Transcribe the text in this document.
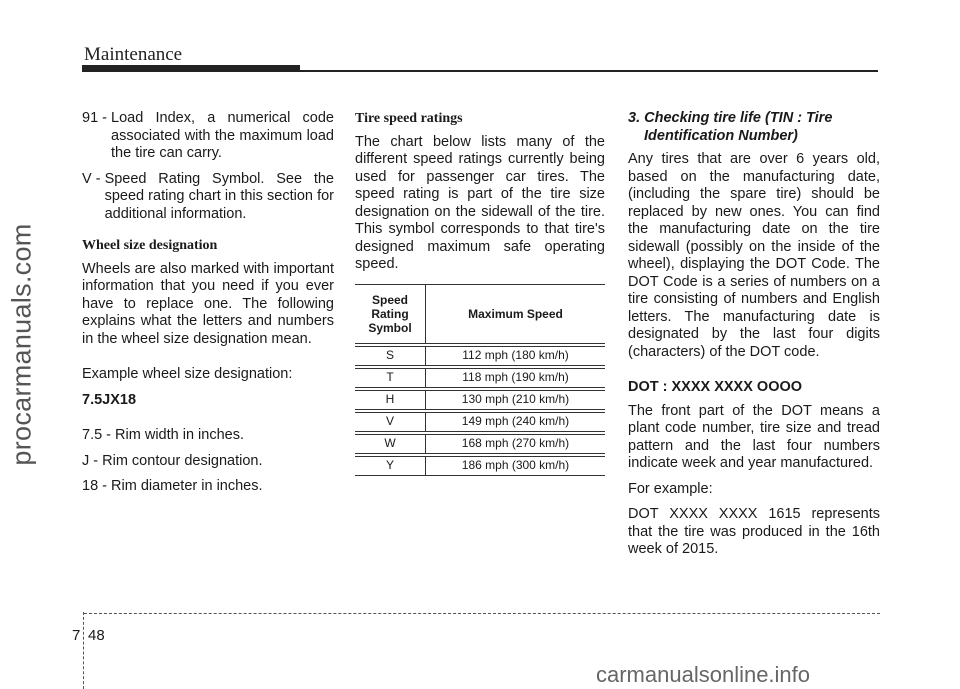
procarmanuals.com
Maintenance
91 - Load Index, a numerical code associated with the maximum load the tire can carry.
V - Speed Rating Symbol. See the speed rating chart in this section for additional information.
Wheel size designation

Wheels are also marked with important information that you need if you ever have to replace one. The following explains what the letters and numbers in the wheel size designation mean.

Example wheel size designation:

7.5JX18

7.5 - Rim width in inches.

J - Rim contour designation.

18 - Rim diameter in inches.

Tire speed ratings

The chart below lists many of the different speed ratings currently being used for passenger car tires. The speed rating is part of the tire size designation on the sidewall of the tire. This symbol corresponds to that tire's designed maximum safe operating speed.

Speed
Rating
Symbol	Maximum Speed

S	112 mph (180 km/h)

T	118 mph (190 km/h)

H	130 mph (210 km/h)

V	149 mph (240 km/h)

W	168 mph (270 km/h)

Y	186 mph (300 km/h)
3. Checking tire life (TIN : Tire Identification Number)

Any tires that are over 6 years old, based on the manufacturing date, (including the spare tire) should be replaced by new ones. You can find the manufacturing date on the tire sidewall (possibly on the inside of the wheel), displaying the DOT Code. The DOT Code is a series of numbers on a tire consisting of numbers and English letters. The manufacturing date is designated by the last four digits (characters) of the DOT code.

DOT : XXXX XXXX OOOO

The front part of the DOT means a plant code number, tire size and tread pattern and the last four numbers indicate week and year manufactured.

For example:

DOT XXXX XXXX 1615 represents that the tire was produced in the 16th week of 2015.

7 48
carmanualsonline.info
